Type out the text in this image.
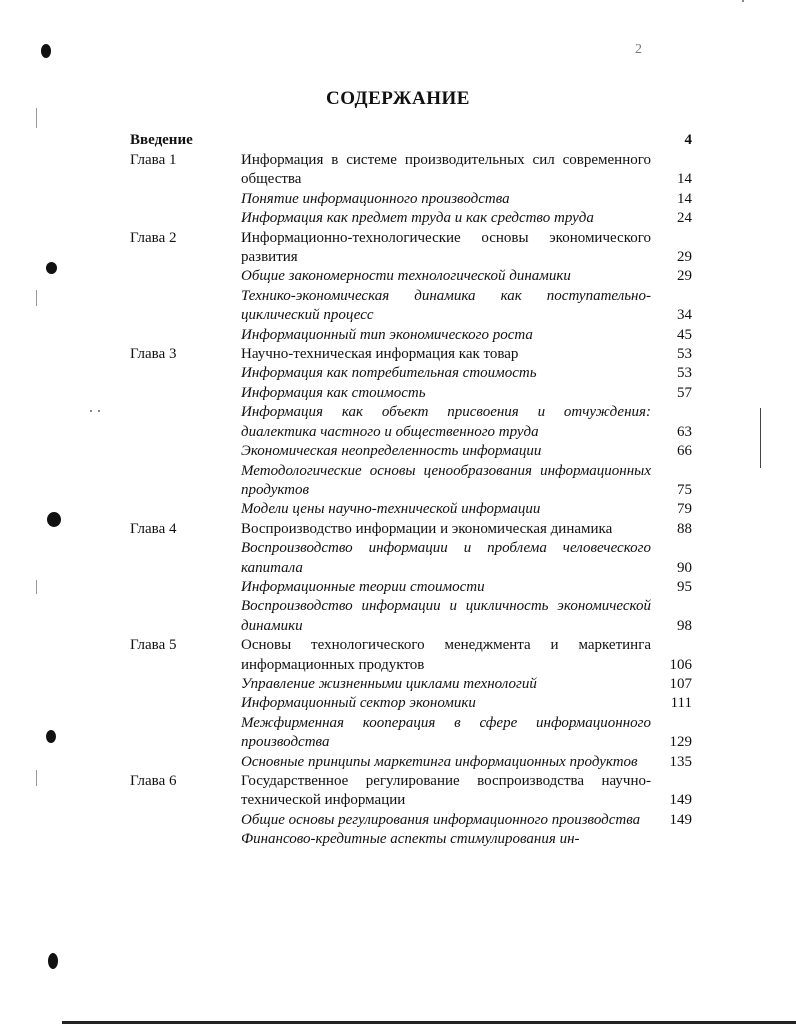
2
СОДЕРЖАНИЕ
Введение	4
Глава 1	Информация в системе производительных сил современного общества	14
Понятие информационного производства	14
Информация как предмет труда и как средство труда	24
Глава 2	Информационно-технологические основы экономического развития	29
Общие закономерности технологической динамики	29
Технико-экономическая динамика как поступательно-циклический процесс	34
Информационный тип экономического роста	45
Глава 3	Научно-техническая информация как товар	53
Информация как потребительная стоимость	53
Информация как стоимость	57
Информация как объект присвоения и отчуждения: диалектика частного и общественного труда	63
Экономическая неопределенность информации	66
Методологические основы ценообразования информационных продуктов	75
Модели цены научно-технической информации	79
Глава 4	Воспроизводство информации и экономическая динамика	88
Воспроизводство информации и проблема человеческого капитала	90
Информационные теории стоимости	95
Воспроизводство информации и цикличность экономической динамики	98
Глава 5	Основы технологического менеджмента и маркетинга информационных продуктов	106
Управление жизненными циклами технологий	107
Информационный сектор экономики	111
Межфирменная кооперация в сфере информационного производства	129
Основные принципы маркетинга информационных продуктов	135
Глава 6	Государственное регулирование воспроизводства научно-технической информации	149
Общие основы регулирования информационного производства	149
Финансово-кредитные аспекты стимулирования ин-
